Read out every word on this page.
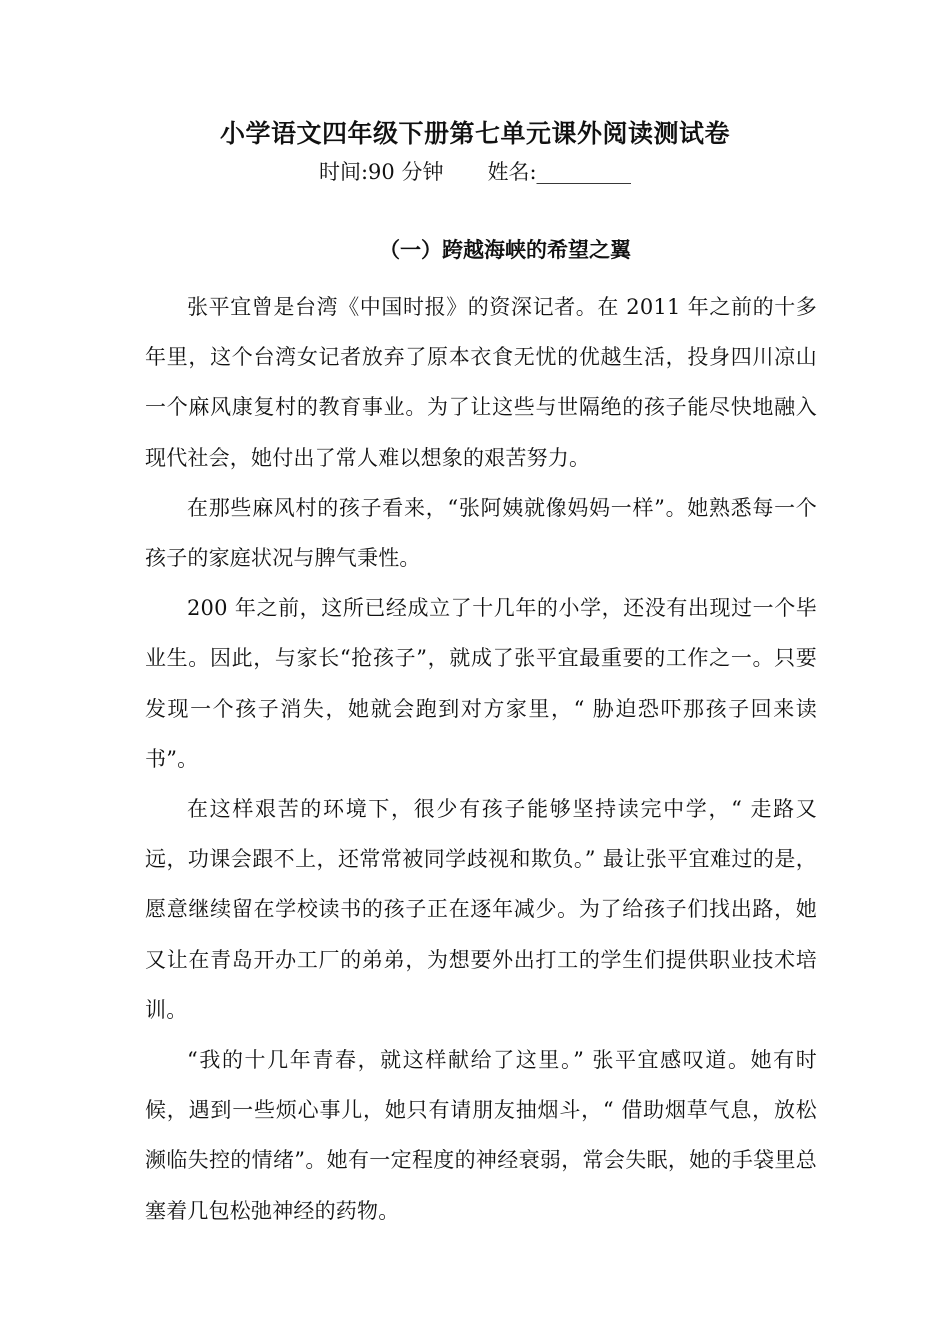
小学语文四年级下册第七单元课外阅读测试卷
时间:90 分钟 姓名:_________
（一）跨越海峡的希望之翼

张平宜曾是台湾《中国时报》的资深记者。在 2011 年之前的十多年里，这个台湾女记者放弃了原本衣食无忧的优越生活，投身四川凉山一个麻风康复村的教育事业。为了让这些与世隔绝的孩子能尽快地融入现代社会，她付出了常人难以想象的艰苦努力。

在那些麻风村的孩子看来，“张阿姨就像妈妈一样”。她熟悉每一个孩子的家庭状况与脾气秉性。

200 年之前，这所已经成立了十几年的小学，还没有出现过一个毕业生。因此，与家长“抢孩子”，就成了张平宜最重要的工作之一。只要发现一个孩子消失，她就会跑到对方家里，“ 胁迫恐吓那孩子回来读书”。

在这样艰苦的环境下，很少有孩子能够坚持读完中学，“ 走路又远，功课会跟不上，还常常被同学歧视和欺负。” 最让张平宜难过的是，愿意继续留在学校读书的孩子正在逐年减少。为了给孩子们找出路，她又让在青岛开办工厂的弟弟，为想要外出打工的学生们提供职业技术培训。

“我的十几年青春，就这样献给了这里。” 张平宜感叹道。她有时候，遇到一些烦心事儿，她只有请朋友抽烟斗，“ 借助烟草气息，放松濒临失控的情绪”。她有一定程度的神经衰弱，常会失眠，她的手袋里总塞着几包松弛神经的药物。
